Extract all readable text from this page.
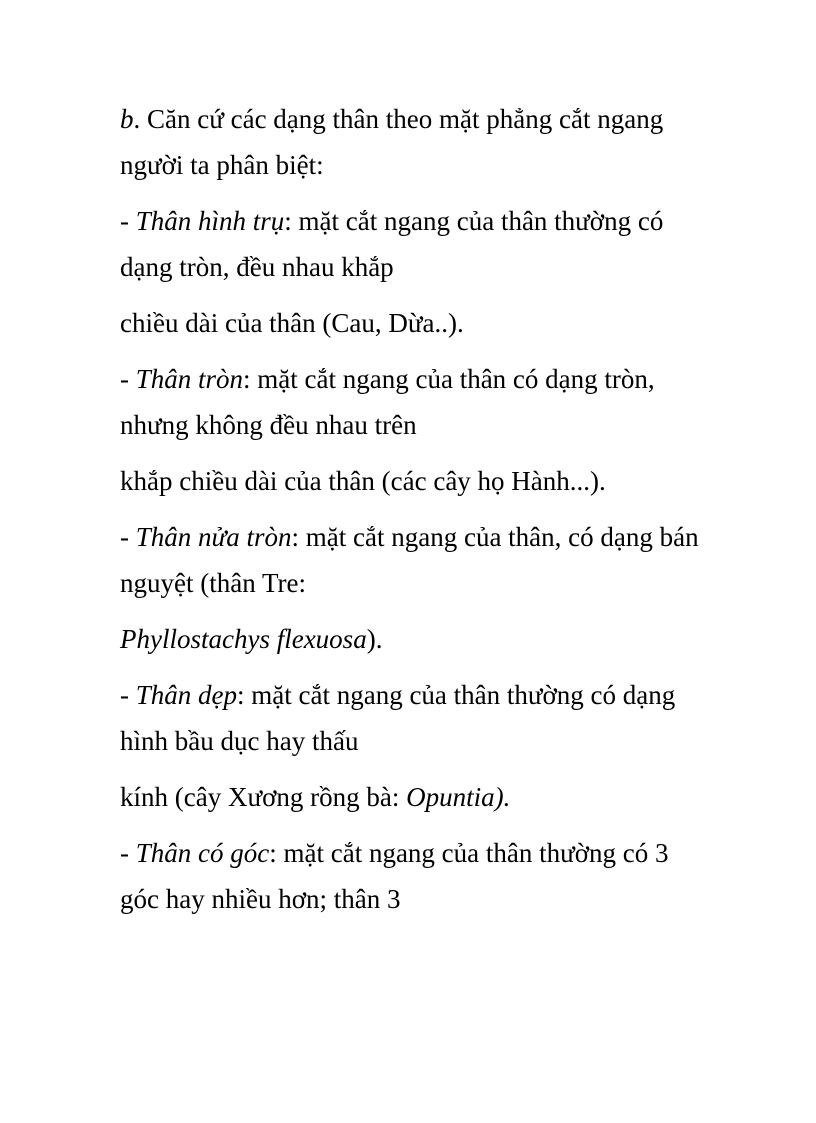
b. Căn cứ các dạng thân theo mặt phẳng cắt ngang
người ta phân biệt:
- Thân hình trụ: mặt cắt ngang của thân thường có
dạng tròn, đều nhau khắp
chiều dài của thân (Cau, Dừa..).
- Thân tròn: mặt cắt ngang của thân có dạng tròn,
nhưng không đều nhau trên
khắp chiều dài của thân (các cây họ Hành...).
- Thân nửa tròn: mặt cắt ngang của thân, có dạng bán
nguyệt (thân Tre:
Phyllostachys flexuosa).
- Thân dẹp: mặt cắt ngang của thân thường có dạng
hình bầu dục hay thấu
kính (cây Xương rồng bà: Opuntia).
- Thân có góc: mặt cắt ngang của thân thường có 3
góc hay nhiều hơn; thân 3
